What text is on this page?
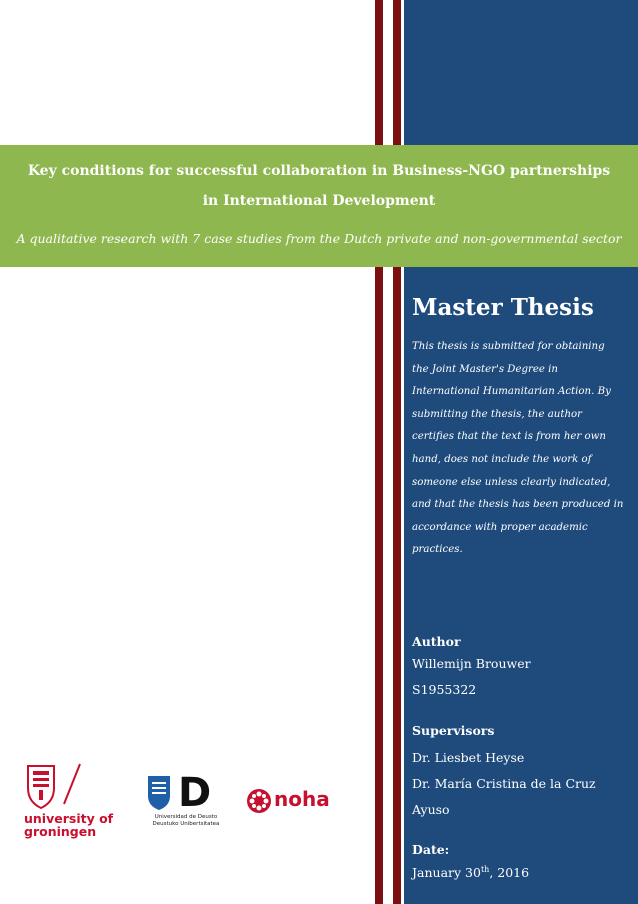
Key conditions for successful collaboration in Business-NGO partnerships
in International Development
A qualitative research with 7 case studies from the Dutch private and non-governmental sector
Master Thesis
This thesis is submitted for obtaining
the Joint Master's Degree in
International Humanitarian Action. By
submitting the thesis, the author
certifies that the text is from her own
hand, does not include the work of
someone else unless clearly indicated,
and that the thesis has been produced in
accordance with proper academic
practices.
Author
Willemijn Brouwer
S1955322
Supervisors
Dr. Liesbet Heyse
Dr. María Cristina de la Cruz
Ayuso
Date:
January 30th, 2016
university of groningen
D
Universidad de Deusto
Deustuko Unibertsitatea
noha
